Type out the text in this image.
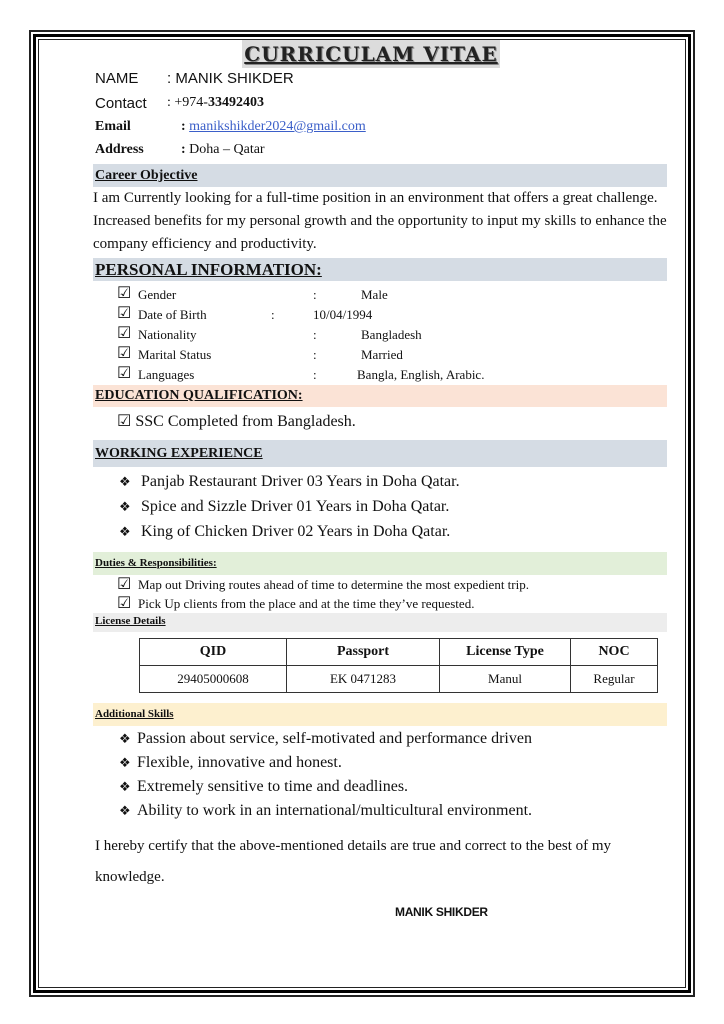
CURRICULAM VITAE
NAME : MANIK SHIKDER
Contact : +974-33492403
Email	: manikshikder2024@gmail.com
Address	: Doha – Qatar
Career Objective
I am Currently looking for a full-time position in an environment that offers a great challenge. Increased benefits for my personal growth and the opportunity to input my skills to enhance the company efficiency and productivity.
PERSONAL INFORMATION:
☑ Gender	:	Male
☑ Date of Birth	:	10/04/1994
☑ Nationality	:	Bangladesh
☑ Marital Status	:	Married
☑ Languages	:	Bangla, English, Arabic.
EDUCATION QUALIFICATION:
☑ SSC Completed from Bangladesh.
WORKING EXPERIENCE
❖ Panjab Restaurant Driver 03 Years in Doha Qatar.
❖ Spice and Sizzle Driver 01 Years in Doha Qatar.
❖ King of Chicken Driver 02 Years in Doha Qatar.
Duties & Responsibilities:
☑ Map out Driving routes ahead of time to determine the most expedient trip.
☑ Pick Up clients from the place and at the time they’ve requested.
License Details
QID	Passport	License Type	NOC
29405000608	EK 0471283	Manul	Regular
Additional Skills
❖ Passion about service, self-motivated and performance driven
❖ Flexible, innovative and honest.
❖ Extremely sensitive to time and deadlines.
❖ Ability to work in an international/multicultural environment.
I hereby certify that the above-mentioned details are true and correct to the best of my knowledge.
MANIK SHIKDER
